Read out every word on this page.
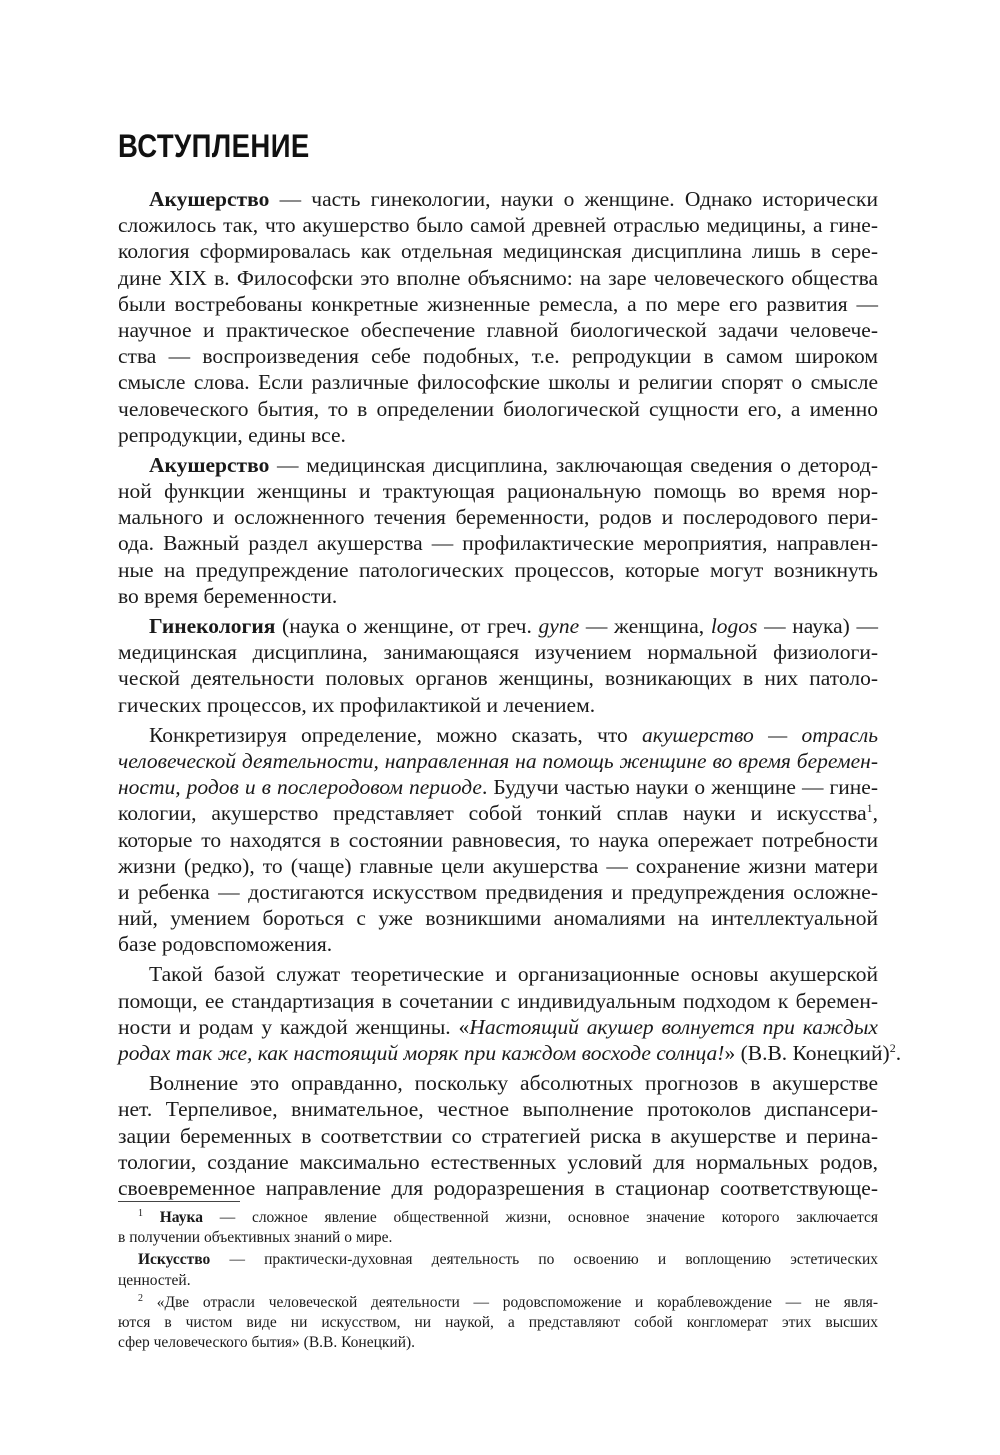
ВСТУПЛЕНИЕ
Акушерство — часть гинекологии, науки о женщине. Однако исторически
сложилось так, что акушерство было самой древней отраслью медицины, а гине-
кология сформировалась как отдельная медицинская дисциплина лишь в сере-
дине XIX в. Философски это вполне объяснимо: на заре человеческого общества
были востребованы конкретные жизненные ремесла, а по мере его развития —
научное и практическое обеспечение главной биологической задачи человече-
ства — воспроизведения себе подобных, т.е. репродукции в самом широком
смысле слова. Если различные философские школы и религии спорят о смысле
человеческого бытия, то в определении биологической сущности его, а именно
репродукции, едины все.
Акушерство — медицинская дисциплина, заключающая сведения о детород-
ной функции женщины и трактующая рациональную помощь во время нор-
мального и осложненного течения беременности, родов и послеродового пери-
ода. Важный раздел акушерства — профилактические мероприятия, направлен-
ные на предупреждение патологических процессов, которые могут возникнуть
во время беременности.
Гинекология (наука о женщине, от греч. gyne — женщина, logos — наука) —
медицинская дисциплина, занимающаяся изучением нормальной физиологи-
ческой деятельности половых органов женщины, возникающих в них патоло-
гических процессов, их профилактикой и лечением.
Конкретизируя определение, можно сказать, что акушерство — отрасль
человеческой деятельности, направленная на помощь женщине во время беремен-
ности, родов и в послеродовом периоде. Будучи частью науки о женщине — гине-
кологии, акушерство представляет собой тонкий сплав науки и искусства$^1$,
которые то находятся в состоянии равновесия, то наука опережает потребности
жизни (редко), то (чаще) главные цели акушерства — сохранение жизни матери
и ребенка — достигаются искусством предвидения и предупреждения осложне-
ний, умением бороться с уже возникшими аномалиями на интеллектуальной
базе родовспоможения.
Такой базой служат теоретические и организационные основы акушерской
помощи, ее стандартизация в сочетании с индивидуальным подходом к беремен-
ности и родам у каждой женщины. «Настоящий акушер волнуется при каждых
родах так же, как настоящий моряк при каждом восходе солнца!» (В.В. Конецкий)$^2$.
Волнение это оправданно, поскольку абсолютных прогнозов в акушерстве
нет. Терпеливое, внимательное, честное выполнение протоколов диспансери-
зации беременных в соответствии со стратегией риска в акушерстве и перина-
тологии, создание максимально естественных условий для нормальных родов,
своевременное направление для родоразрешения в стационар соответствующе-
$^1$ Наука — сложное явление общественной жизни, основное значение которого заключается
в получении объективных знаний о мире.
Искусство — практически-духовная деятельность по освоению и воплощению эстетических
ценностей.
$^2$ «Две отрасли человеческой деятельности — родовспоможение и кораблевождение — не явля-
ются в чистом виде ни искусством, ни наукой, а представляют собой конгломерат этих высших
сфер человеческого бытия» (В.В. Конецкий).
